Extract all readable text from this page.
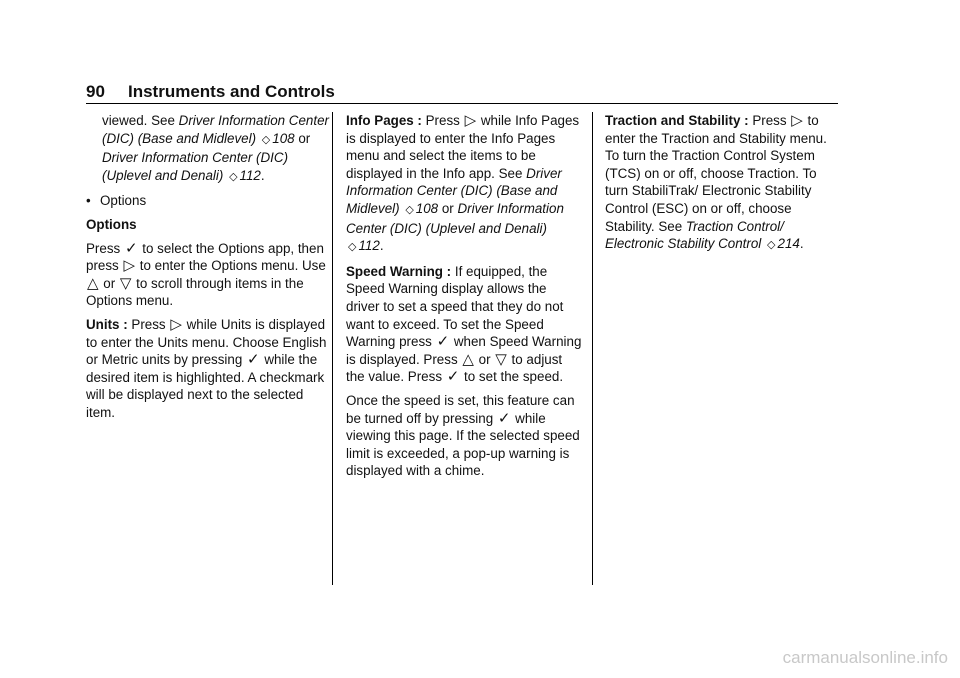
90 Instruments and Controls

viewed. See Driver Information Center (DIC) (Base and Midlevel) ◇ 108 or Driver Information Center (DIC) (Uplevel and Denali) ◇ 112.

• Options

Options

Press ✓ to select the Options app, then press ▷ to enter the Options menu. Use △ or ▽ to scroll through items in the Options menu.

Units : Press ▷ while Units is displayed to enter the Units menu. Choose English or Metric units by pressing ✓ while the desired item is highlighted. A checkmark will be displayed next to the selected item.

Info Pages : Press ▷ while Info Pages is displayed to enter the Info Pages menu and select the items to be displayed in the Info app. See Driver Information Center (DIC) (Base and Midlevel) ◇ 108 or Driver Information Center (DIC) (Uplevel and Denali) ◇ 112.

Speed Warning : If equipped, the Speed Warning display allows the driver to set a speed that they do not want to exceed. To set the Speed Warning press ✓ when Speed Warning is displayed. Press △ or ▽ to adjust the value. Press ✓ to set the speed.

Once the speed is set, this feature can be turned off by pressing ✓ while viewing this page. If the selected speed limit is exceeded, a pop-up warning is displayed with a chime.

Traction and Stability : Press ▷ to enter the Traction and Stability menu. To turn the Traction Control System (TCS) on or off, choose Traction. To turn StabiliTrak/ Electronic Stability Control (ESC) on or off, choose Stability. See Traction Control/ Electronic Stability Control ◇ 214.

carmanualsonline.info
